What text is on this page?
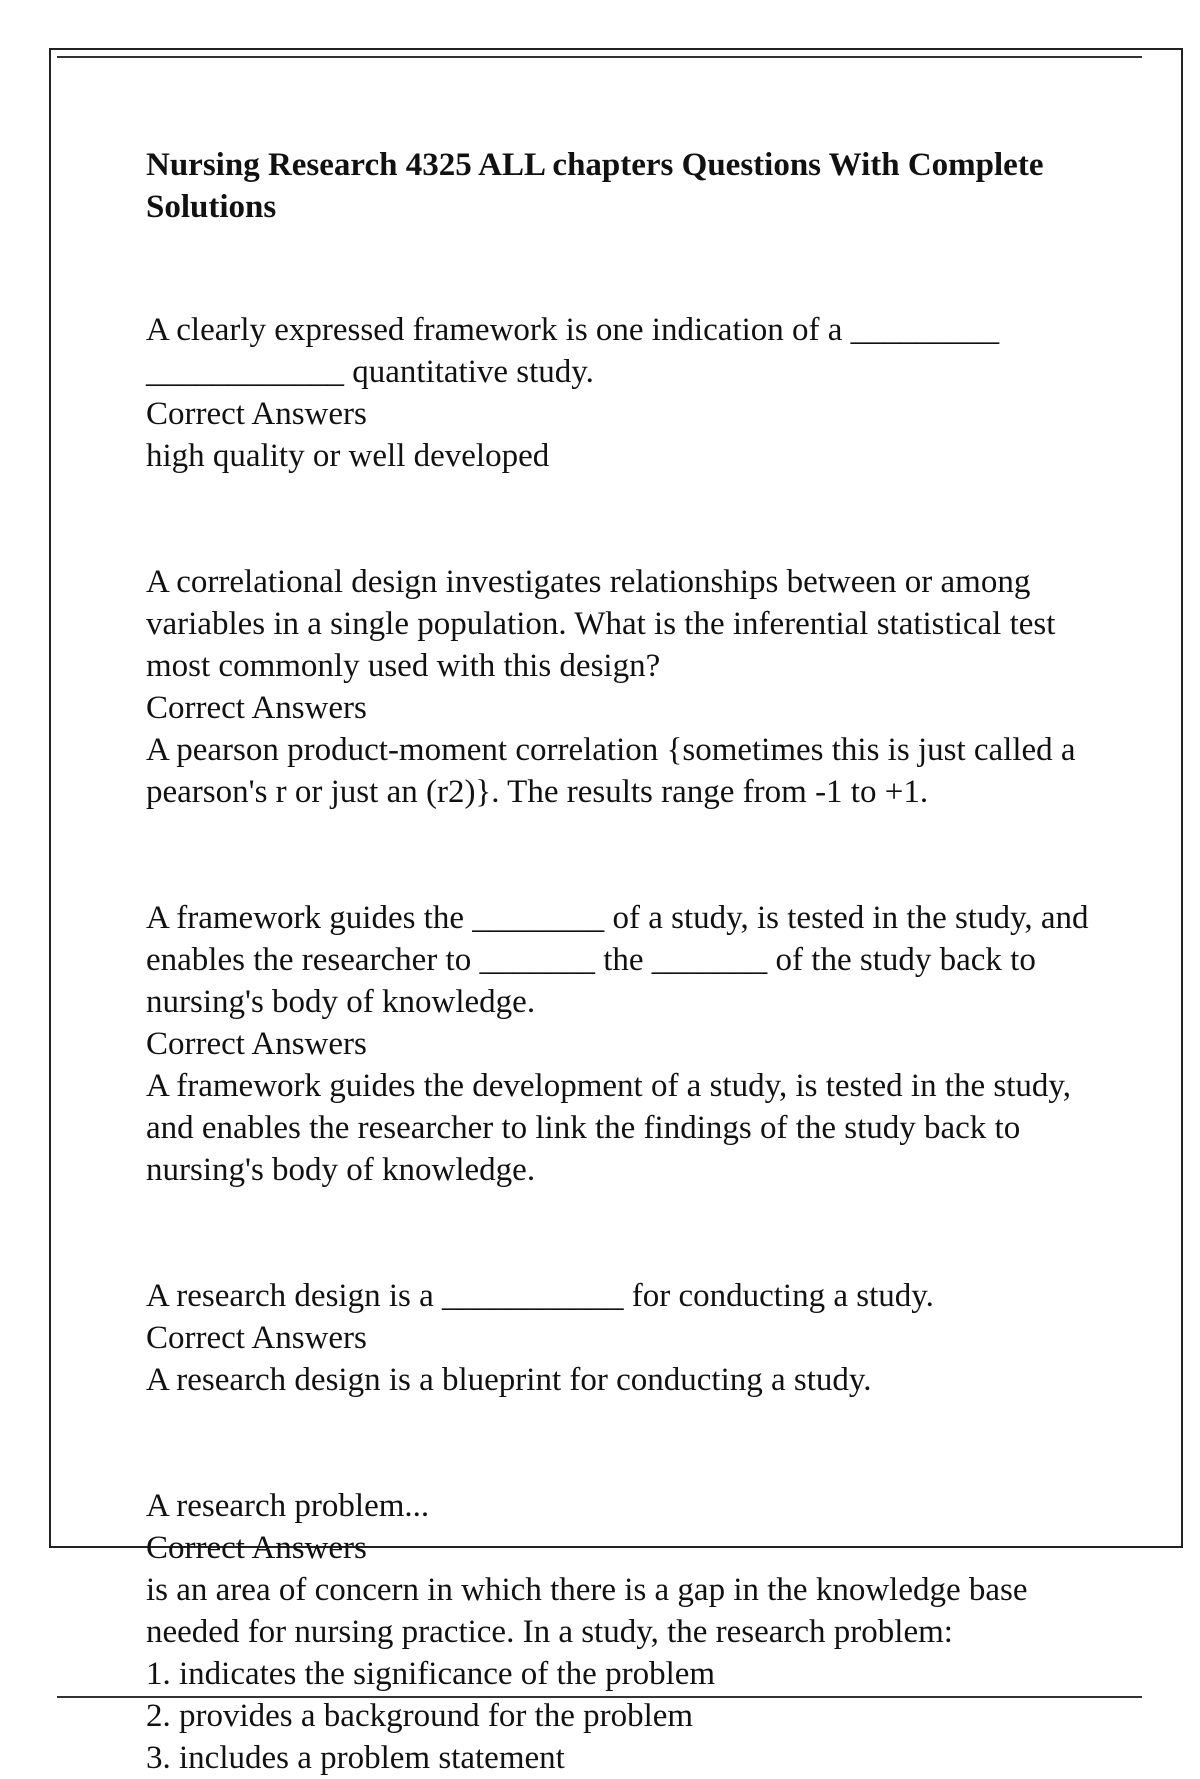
Nursing Research 4325 ALL chapters Questions With Complete Solutions

A clearly expressed framework is one indication of a _________ ____________ quantitative study.
Correct Answers
high quality or well developed

A correlational design investigates relationships between or among variables in a single population. What is the inferential statistical test most commonly used with this design?
Correct Answers
A pearson product-moment correlation {sometimes this is just called a pearson's r or just an (r2)}. The results range from -1 to +1.

A framework guides the ________ of a study, is tested in the study, and enables the researcher to _______ the _______ of the study back to nursing's body of knowledge.
Correct Answers
A framework guides the development of a study, is tested in the study, and enables the researcher to link the findings of the study back to nursing's body of knowledge.

A research design is a ___________ for conducting a study.
Correct Answers
A research design is a blueprint for conducting a study.

A research problem...
Correct Answers
is an area of concern in which there is a gap in the knowledge base needed for nursing practice. In a study, the research problem:

1. indicates the significance of the problem
2. provides a background for the problem
3. includes a problem statement
